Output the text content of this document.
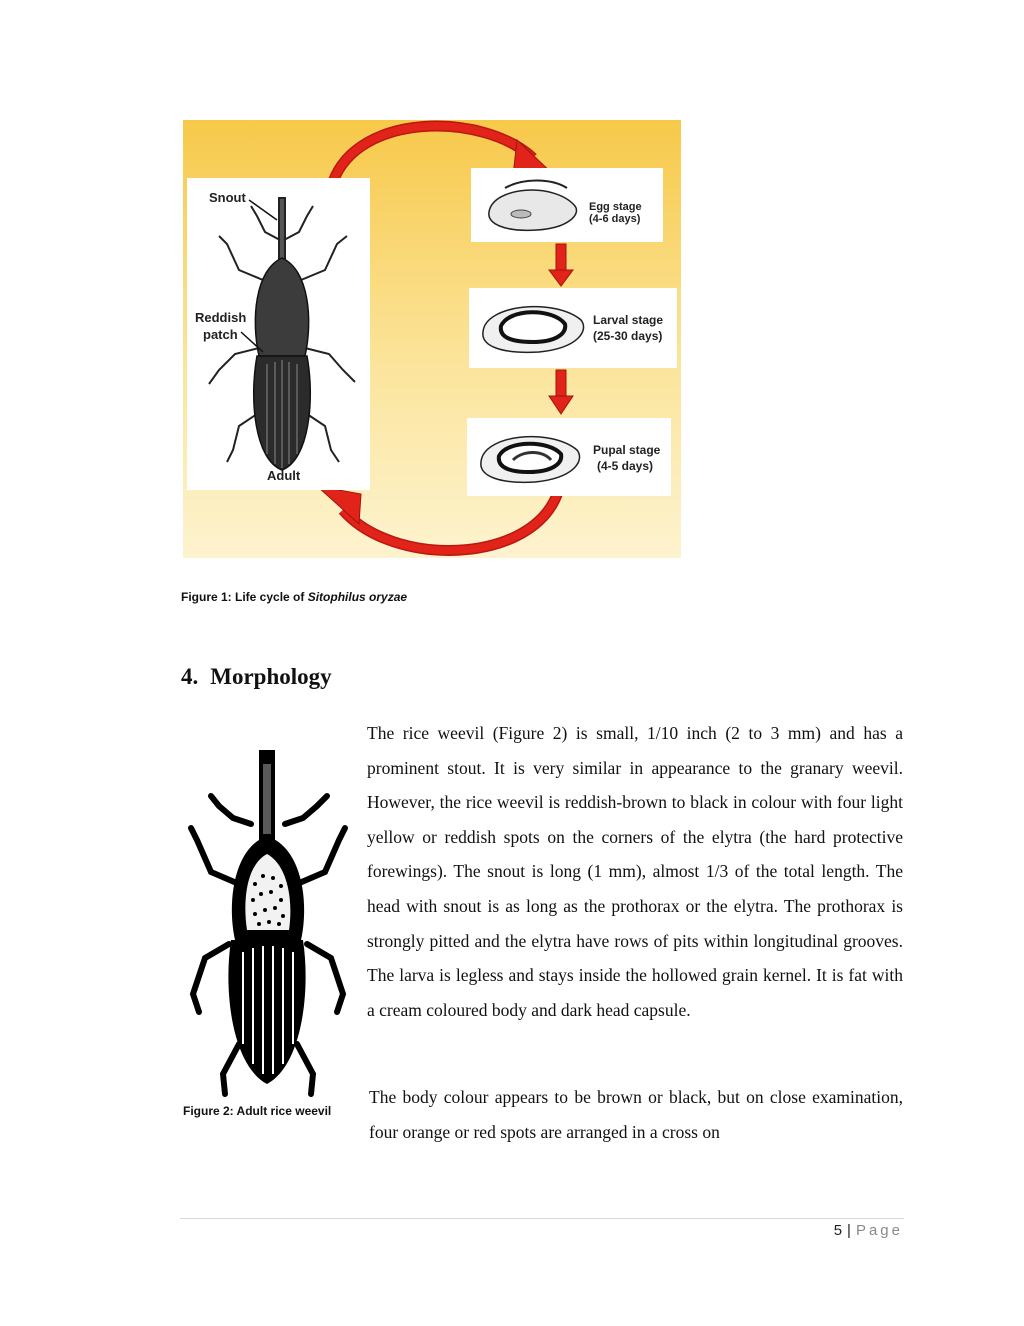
Snout
Reddish
patch
Adult
Egg stage
(4-6 days)
Larval stage
(25-30 days)
Pupal stage
(4-5 days)
Figure 1: Life cycle of Sitophilus oryzae
4. Morphology
Figure 2: Adult rice weevil

The rice weevil (Figure 2) is small, 1/10 inch (2 to 3 mm) and has a prominent stout. It is very similar in appearance to the granary weevil. However, the rice weevil is reddish-brown to black in colour with four light yellow or reddish spots on the corners of the elytra (the hard protective forewings). The snout is long (1 mm), almost 1/3 of the total length. The head with snout is as long as the prothorax or the elytra. The prothorax is strongly pitted and the elytra have rows of pits within longitudinal grooves. The larva is legless and stays inside the hollowed grain kernel. It is fat with a cream coloured body and dark head capsule.

The body colour appears to be brown or black, but on close examination, four orange or red spots are arranged in a cross on

5 | Page
